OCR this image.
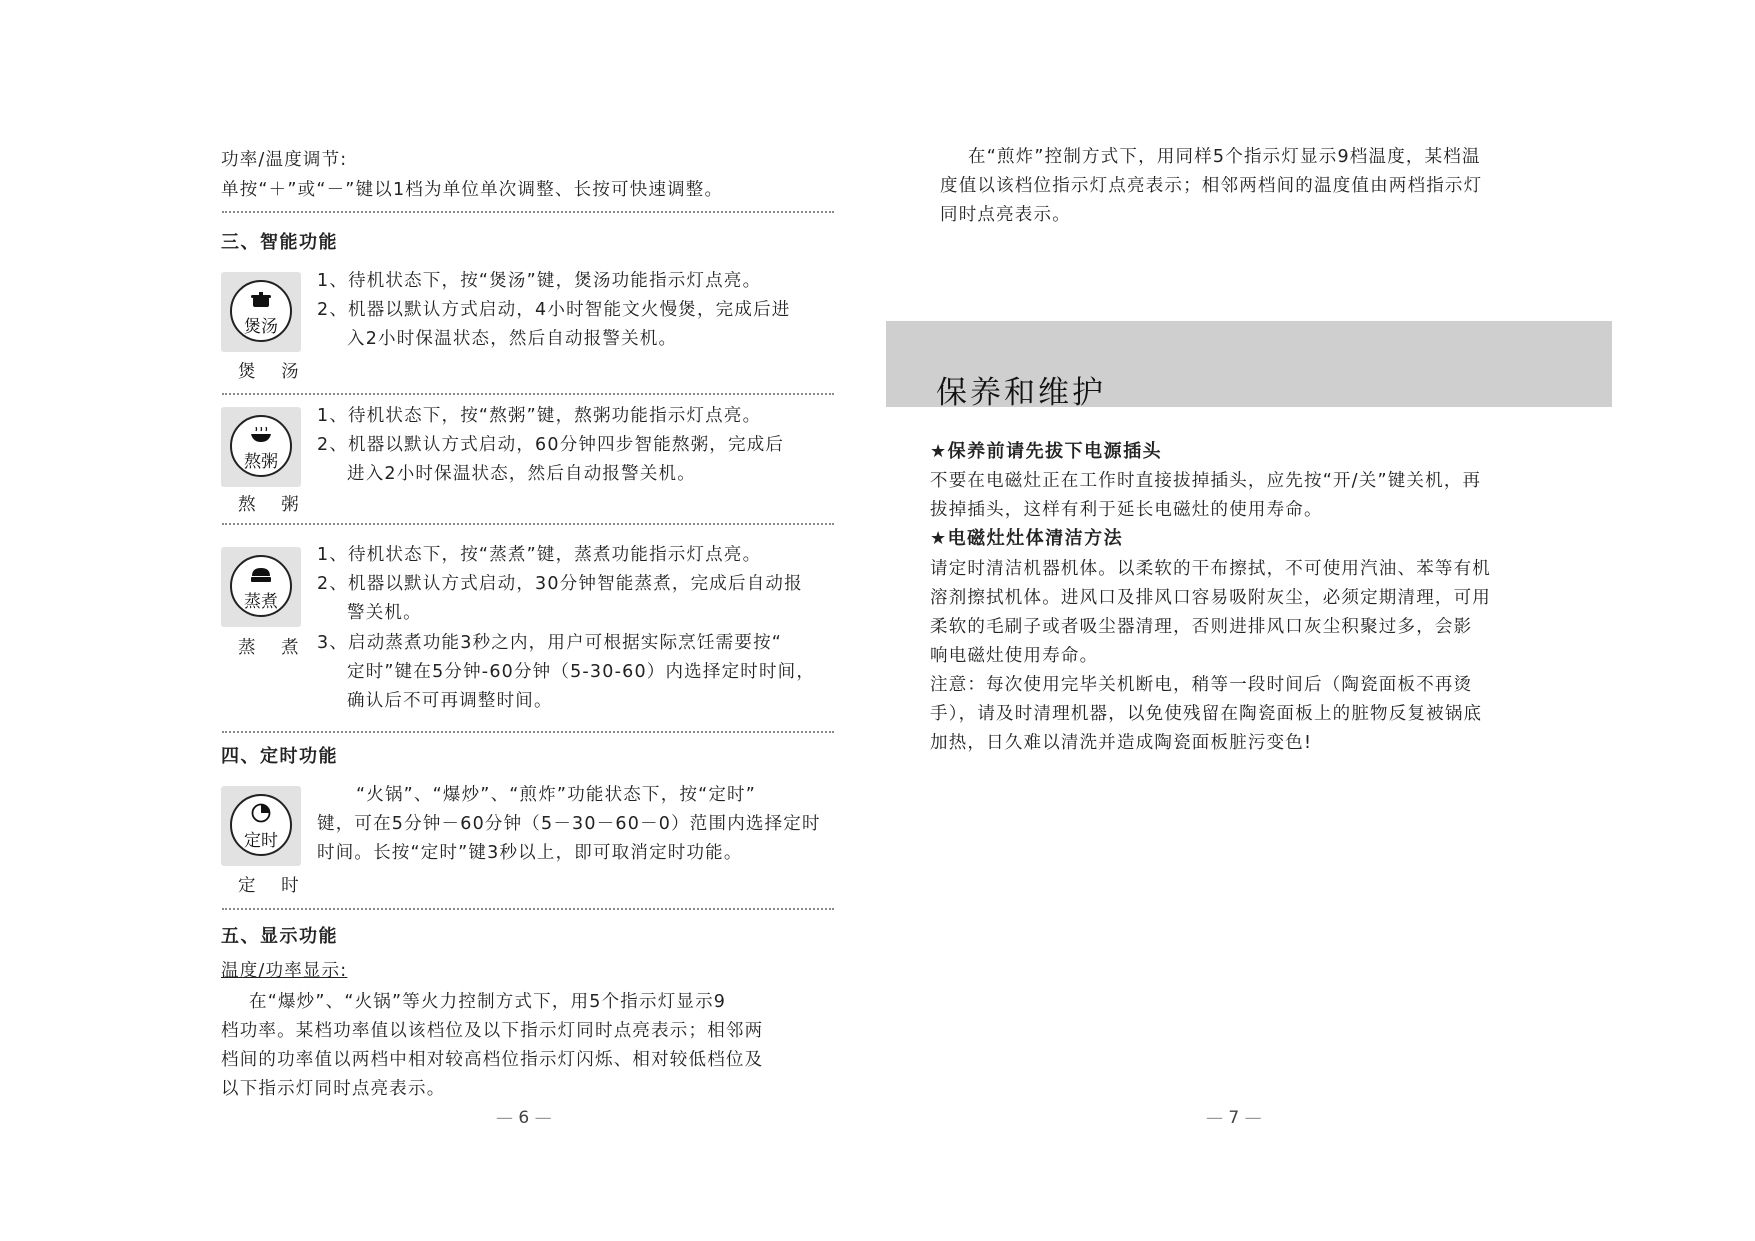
功率/温度调节:
单按“＋”或“－”键以1档为单位单次调整、长按可快速调整。
三、智能功能
煲汤
煲 汤
1、待机状态下，按“煲汤”键，煲汤功能指示灯点亮。
2、机器以默认方式启动，4小时智能文火慢煲，完成后进
入2小时保温状态，然后自动报警关机。
熬粥
熬 粥
1、待机状态下，按“熬粥”键，熬粥功能指示灯点亮。
2、机器以默认方式启动，60分钟四步智能熬粥，完成后
进入2小时保温状态，然后自动报警关机。
蒸煮
蒸 煮
1、待机状态下，按“蒸煮”键，蒸煮功能指示灯点亮。
2、机器以默认方式启动，30分钟智能蒸煮，完成后自动报
警关机。
3、启动蒸煮功能3秒之内，用户可根据实际烹饪需要按“
定时”键在5分钟-60分钟（5-30-60）内选择定时时间，
确认后不可再调整时间。
四、定时功能
定时
定 时
“火锅”、“爆炒”、“煎炸”功能状态下，按“定时”
键，可在5分钟－60分钟（5－30－60－0）范围内选择定时
时间。长按“定时”键3秒以上，即可取消定时功能。
五、显示功能
温度/功率显示:
在“爆炒”、“火锅”等火力控制方式下，用5个指示灯显示9
档功率。某档功率值以该档位及以下指示灯同时点亮表示；相邻两
档间的功率值以两档中相对较高档位指示灯闪烁、相对较低档位及
以下指示灯同时点亮表示。
— 6 —
在“煎炸”控制方式下，用同样5个指示灯显示9档温度，某档温
度值以该档位指示灯点亮表示；相邻两档间的温度值由两档指示灯
同时点亮表示。
保养和维护
★保养前请先拔下电源插头
不要在电磁灶正在工作时直接拔掉插头，应先按“开/关”键关机，再
拔掉插头，这样有利于延长电磁灶的使用寿命。
★电磁灶灶体清洁方法
请定时清洁机器机体。以柔软的干布擦拭，不可使用汽油、苯等有机
溶剂擦拭机体。进风口及排风口容易吸附灰尘，必须定期清理，可用
柔软的毛刷子或者吸尘器清理，否则进排风口灰尘积聚过多，会影
响电磁灶使用寿命。
注意：每次使用完毕关机断电，稍等一段时间后（陶瓷面板不再烫
手），请及时清理机器，以免使残留在陶瓷面板上的脏物反复被锅底
加热，日久难以清洗并造成陶瓷面板脏污变色!
— 7 —
